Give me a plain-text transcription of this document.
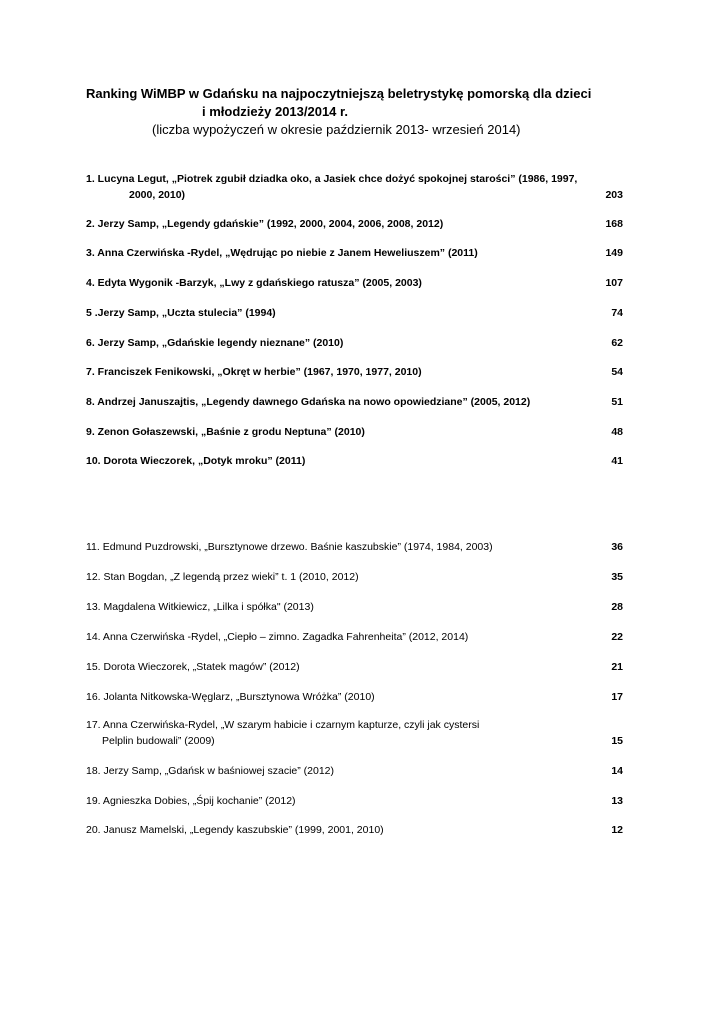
Ranking WiMBP w Gdańsku na najpoczytniejszą beletrystykę pomorską dla dzieci
i młodzieży 2013/2014 r.
(liczba wypożyczeń w okresie październik 2013- wrzesień 2014)
1. Lucyna Legut, „Piotrek zgubił dziadka oko, a Jasiek chce dożyć spokojnej starości” (1986, 1997,
2000, 2010)	203
2. Jerzy Samp, „Legendy gdańskie” (1992, 2000, 2004, 2006, 2008, 2012)	168
3. Anna Czerwińska -Rydel, „Wędrując po niebie z Janem Heweliuszem” (2011)	149
4. Edyta Wygonik -Barzyk, „Lwy z gdańskiego ratusza” (2005, 2003)	107
5 .Jerzy Samp, „Uczta stulecia” (1994)	74
6. Jerzy Samp, „Gdańskie legendy nieznane” (2010)	62
7. Franciszek Fenikowski, „Okręt w herbie” (1967, 1970, 1977, 2010)	54
8. Andrzej Januszajtis, „Legendy dawnego Gdańska na nowo opowiedziane” (2005, 2012)	51
9. Zenon Gołaszewski, „Baśnie z grodu Neptuna” (2010)	48
10. Dorota Wieczorek, „Dotyk mroku” (2011)	41
11. Edmund Puzdrowski, „Bursztynowe drzewo. Baśnie kaszubskie” (1974, 1984, 2003)	36
12. Stan Bogdan, „Z legendą przez wieki” t. 1 (2010, 2012)	35
13. Magdalena Witkiewicz, „Lilka i spółka" (2013)	28
14. Anna Czerwińska -Rydel, „Ciepło – zimno. Zagadka Fahrenheita” (2012, 2014)	22
15. Dorota Wieczorek, „Statek magów” (2012)	21
16. Jolanta Nitkowska-Węglarz, „Bursztynowa Wróżka” (2010)	17
17. Anna Czerwińska-Rydel, „W szarym habicie i czarnym kapturze, czyli jak cystersi
Pelplin budowali” (2009)	15
18. Jerzy Samp, „Gdańsk w baśniowej szacie” (2012)	14
19. Agnieszka Dobies, „Śpij kochanie” (2012)	13
20. Janusz Mamelski, „Legendy kaszubskie” (1999, 2001, 2010)	12
